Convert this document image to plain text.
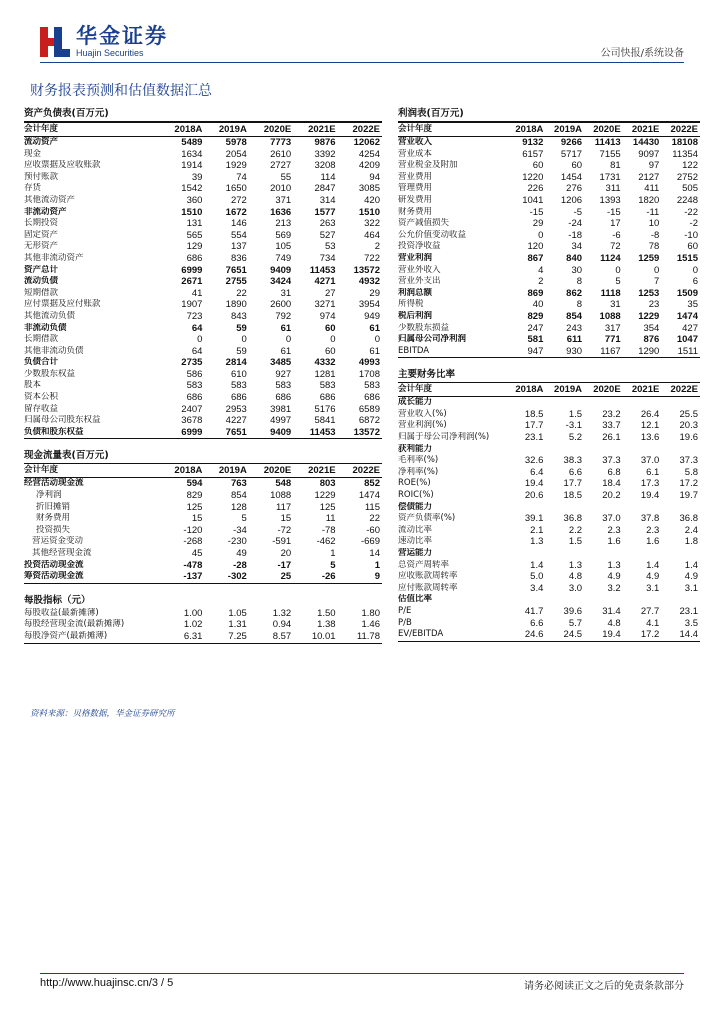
华金证券
Huajin Securities	公司快报/系统设备
财务报表预测和估值数据汇总
资产负债表(百万元)
会计年度	2018A	2019A	2020E	2021E	2022E
流动资产	5489	5978	7773	9876	12062
现金	1634	2054	2610	3392	4254
应收票据及应收账款	1914	1929	2727	3208	4209
预付账款	39	74	55	114	94
存货	1542	1650	2010	2847	3085
其他流动资产	360	272	371	314	420
非流动资产	1510	1672	1636	1577	1510
长期投资	131	146	213	263	322
固定资产	565	554	569	527	464
无形资产	129	137	105	53	2
其他非流动资产	686	836	749	734	722
资产总计	6999	7651	9409	11453	13572
流动负债	2671	2755	3424	4271	4932
短期借款	41	22	31	27	29
应付票据及应付账款	1907	1890	2600	3271	3954
其他流动负债	723	843	792	974	949
非流动负债	64	59	61	60	61
长期借款	0	0	0	0	0
其他非流动负债	64	59	61	60	61
负债合计	2735	2814	3485	4332	4993
少数股东权益	586	610	927	1281	1708
股本	583	583	583	583	583
资本公积	686	686	686	686	686
留存收益	2407	2953	3981	5176	6589
归属母公司股东权益	3678	4227	4997	5841	6872
负债和股东权益	6999	7651	9409	11453	13572
现金流量表(百万元)
会计年度	2018A	2019A	2020E	2021E	2022E
经营活动现金流	594	763	548	803	852
净利润	829	854	1088	1229	1474
折旧摊销	125	128	117	125	115
财务费用	15	5	15	11	22
投资损失	-120	-34	-72	-78	-60
营运资金变动	-268	-230	-591	-462	-669
其他经营现金流	45	49	20	1	14
投资活动现金流	-478	-28	-17	5	1
筹资活动现金流	-137	-302	25	-26	9
每股指标（元）
每股收益(最新摊薄)	1.00	1.05	1.32	1.50	1.80
每股经营现金流(最新摊薄)	1.02	1.31	0.94	1.38	1.46
每股净资产(最新摊薄)	6.31	7.25	8.57	10.01	11.78
利润表(百万元)
会计年度	2018A	2019A	2020E	2021E	2022E
营业收入	9132	9266	11413	14430	18108
营业成本	6157	5717	7155	9097	11354
营业税金及附加	60	60	81	97	122
营业费用	1220	1454	1731	2127	2752
管理费用	226	276	311	411	505
研发费用	1041	1206	1393	1820	2248
财务费用	-15	-5	-15	-11	-22
资产减值损失	29	-24	17	10	-2
公允价值变动收益	0	-18	-6	-8	-10
投资净收益	120	34	72	78	60
营业利润	867	840	1124	1259	1515
营业外收入	4	30	0	0	0
营业外支出	2	8	5	7	6
利润总额	869	862	1118	1253	1509
所得税	40	8	31	23	35
税后利润	829	854	1088	1229	1474
少数股东损益	247	243	317	354	427
归属母公司净利润	581	611	771	876	1047
EBITDA	947	930	1167	1290	1511
主要财务比率
会计年度	2018A	2019A	2020E	2021E	2022E
成长能力					
营业收入(%)	18.5	1.5	23.2	26.4	25.5
营业利润(%)	17.7	-3.1	33.7	12.1	20.3
归属于母公司净利润(%)	23.1	5.2	26.1	13.6	19.6
获利能力					
毛利率(%)	32.6	38.3	37.3	37.0	37.3
净利率(%)	6.4	6.6	6.8	6.1	5.8
ROE(%)	19.4	17.7	18.4	17.3	17.2
ROIC(%)	20.6	18.5	20.2	19.4	19.7
偿债能力					
资产负债率(%)	39.1	36.8	37.0	37.8	36.8
流动比率	2.1	2.2	2.3	2.3	2.4
速动比率	1.3	1.5	1.6	1.6	1.8
营运能力					
总资产周转率	1.4	1.3	1.3	1.4	1.4
应收账款周转率	5.0	4.8	4.9	4.9	4.9
应付账款周转率	3.4	3.0	3.2	3.1	3.1
估值比率					
P/E	41.7	39.6	31.4	27.7	23.1
P/B	6.6	5.7	4.8	4.1	3.5
EV/EBITDA	24.6	24.5	19.4	17.2	14.4
资料来源：贝格数据，华金证券研究所
http://www.huajinsc.cn/3 / 5	请务必阅读正文之后的免责条款部分
